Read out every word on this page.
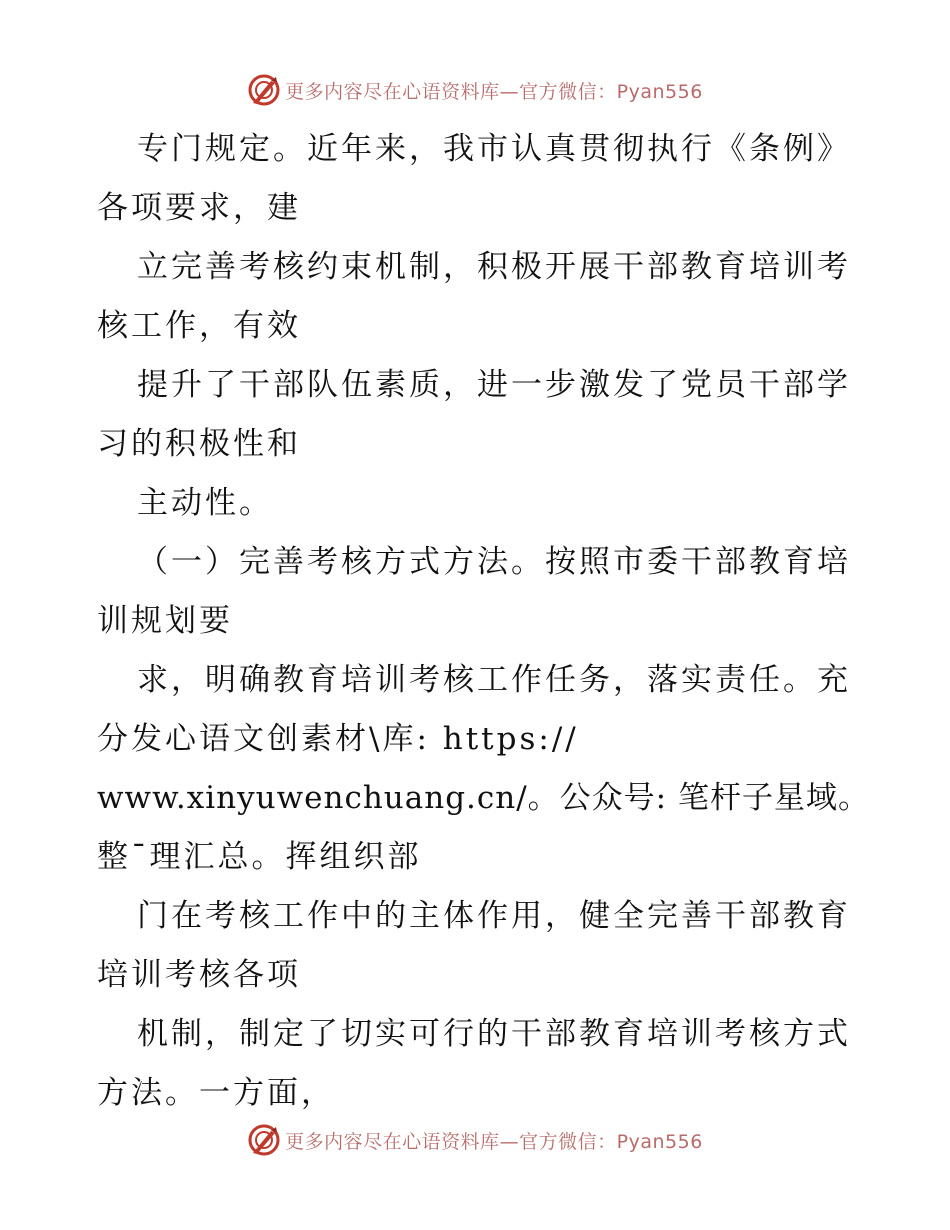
更多内容尽在心语资料库—官方微信：Pyan556
专门规定。近年来，我市认真贯彻执行《条例》
各项要求，建
立完善考核约束机制，积极开展干部教育培训考
核工作，有效
提升了干部队伍素质，进一步激发了党员干部学
习的积极性和
主动性。
（一）完善考核方式方法。按照市委干部教育培
训规划要
求，明确教育培训考核工作任务，落实责任。充
分发心语文创素材\库: https://
www.xinyuwenchuang.cn/。公众号: 笔杆子星域。
整¯理汇总。挥组织部
门在考核工作中的主体作用，健全完善干部教育
培训考核各项
机制，制定了切实可行的干部教育培训考核方式
方法。一方面，
更多内容尽在心语资料库—官方微信：Pyan556
